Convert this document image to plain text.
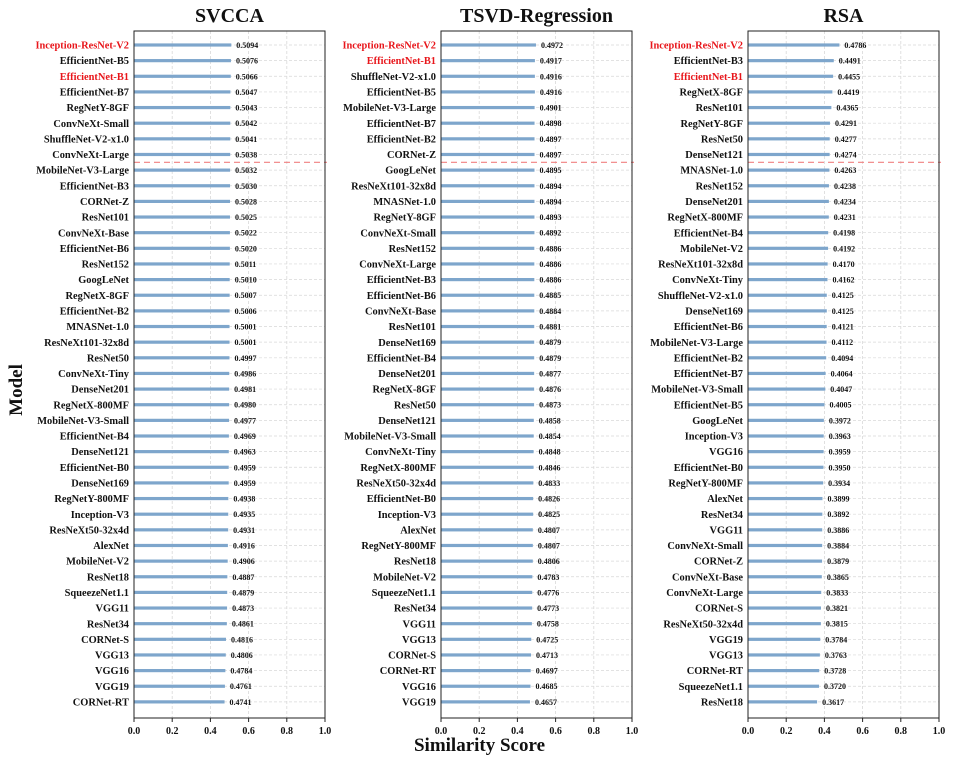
Inception-ResNet-V2	0.5094
EfficientNet-B5	0.5076
EfficientNet-B1	0.5066
EfficientNet-B7	0.5047
RegNetY-8GF	0.5043
ConvNeXt-Small	0.5042
ShuffleNet-V2-x1.0	0.5041
ConvNeXt-Large	0.5038
MobileNet-V3-Large	0.5032
EfficientNet-B3	0.5030
CORNet-Z	0.5028
ResNet101	0.5025
ConvNeXt-Base	0.5022
EfficientNet-B6	0.5020
ResNet152	0.5011
GoogLeNet	0.5010
RegNetX-8GF	0.5007
EfficientNet-B2	0.5006
MNASNet-1.0	0.5001
ResNeXt101-32x8d	0.5001
ResNet50	0.4997
ConvNeXt-Tiny	0.4986
DenseNet201	0.4981
RegNetX-800MF	0.4980
MobileNet-V3-Small	0.4977
EfficientNet-B4	0.4969
DenseNet121	0.4963
EfficientNet-B0	0.4959
DenseNet169	0.4959
RegNetY-800MF	0.4938
Inception-V3	0.4935
ResNeXt50-32x4d	0.4931
AlexNet	0.4916
MobileNet-V2	0.4906
ResNet18	0.4887
SqueezeNet1.1	0.4879
VGG11	0.4873
ResNet34	0.4861
CORNet-S	0.4816
VGG13	0.4806
VGG16	0.4784
VGG19	0.4761
CORNet-RT	0.4741
0.0	0.2	0.4	0.6	0.8	1.0
SVCCA
Inception-ResNet-V2	0.4972
EfficientNet-B1	0.4917
ShuffleNet-V2-x1.0	0.4916
EfficientNet-B5	0.4916
MobileNet-V3-Large	0.4901
EfficientNet-B7	0.4898
EfficientNet-B2	0.4897
CORNet-Z	0.4897
GoogLeNet	0.4895
ResNeXt101-32x8d	0.4894
MNASNet-1.0	0.4894
RegNetY-8GF	0.4893
ConvNeXt-Small	0.4892
ResNet152	0.4886
ConvNeXt-Large	0.4886
EfficientNet-B3	0.4886
EfficientNet-B6	0.4885
ConvNeXt-Base	0.4884
ResNet101	0.4881
DenseNet169	0.4879
EfficientNet-B4	0.4879
DenseNet201	0.4877
RegNetX-8GF	0.4876
ResNet50	0.4873
DenseNet121	0.4858
MobileNet-V3-Small	0.4854
ConvNeXt-Tiny	0.4848
RegNetX-800MF	0.4846
ResNeXt50-32x4d	0.4833
EfficientNet-B0	0.4826
Inception-V3	0.4825
AlexNet	0.4807
RegNetY-800MF	0.4807
ResNet18	0.4806
MobileNet-V2	0.4783
SqueezeNet1.1	0.4776
ResNet34	0.4773
VGG11	0.4758
VGG13	0.4725
CORNet-S	0.4713
CORNet-RT	0.4697
VGG16	0.4685
VGG19	0.4657
0.0	0.2	0.4	0.6	0.8	1.0
TSVD-Regression
Inception-ResNet-V2	0.4786
EfficientNet-B3	0.4491
EfficientNet-B1	0.4455
RegNetX-8GF	0.4419
ResNet101	0.4365
RegNetY-8GF	0.4291
ResNet50	0.4277
DenseNet121	0.4274
MNASNet-1.0	0.4263
ResNet152	0.4238
DenseNet201	0.4234
RegNetX-800MF	0.4231
EfficientNet-B4	0.4198
MobileNet-V2	0.4192
ResNeXt101-32x8d	0.4170
ConvNeXt-Tiny	0.4162
ShuffleNet-V2-x1.0	0.4125
DenseNet169	0.4125
EfficientNet-B6	0.4121
MobileNet-V3-Large	0.4112
EfficientNet-B2	0.4094
EfficientNet-B7	0.4064
MobileNet-V3-Small	0.4047
EfficientNet-B5	0.4005
GoogLeNet	0.3972
Inception-V3	0.3963
VGG16	0.3959
EfficientNet-B0	0.3950
RegNetY-800MF	0.3934
AlexNet	0.3899
ResNet34	0.3892
VGG11	0.3886
ConvNeXt-Small	0.3884
CORNet-Z	0.3879
ConvNeXt-Base	0.3865
ConvNeXt-Large	0.3833
CORNet-S	0.3821
ResNeXt50-32x4d	0.3815
VGG19	0.3784
VGG13	0.3763
CORNet-RT	0.3728
SqueezeNet1.1	0.3720
ResNet18	0.3617
0.0	0.2	0.4	0.6	0.8	1.0
RSA
Model
Similarity Score
